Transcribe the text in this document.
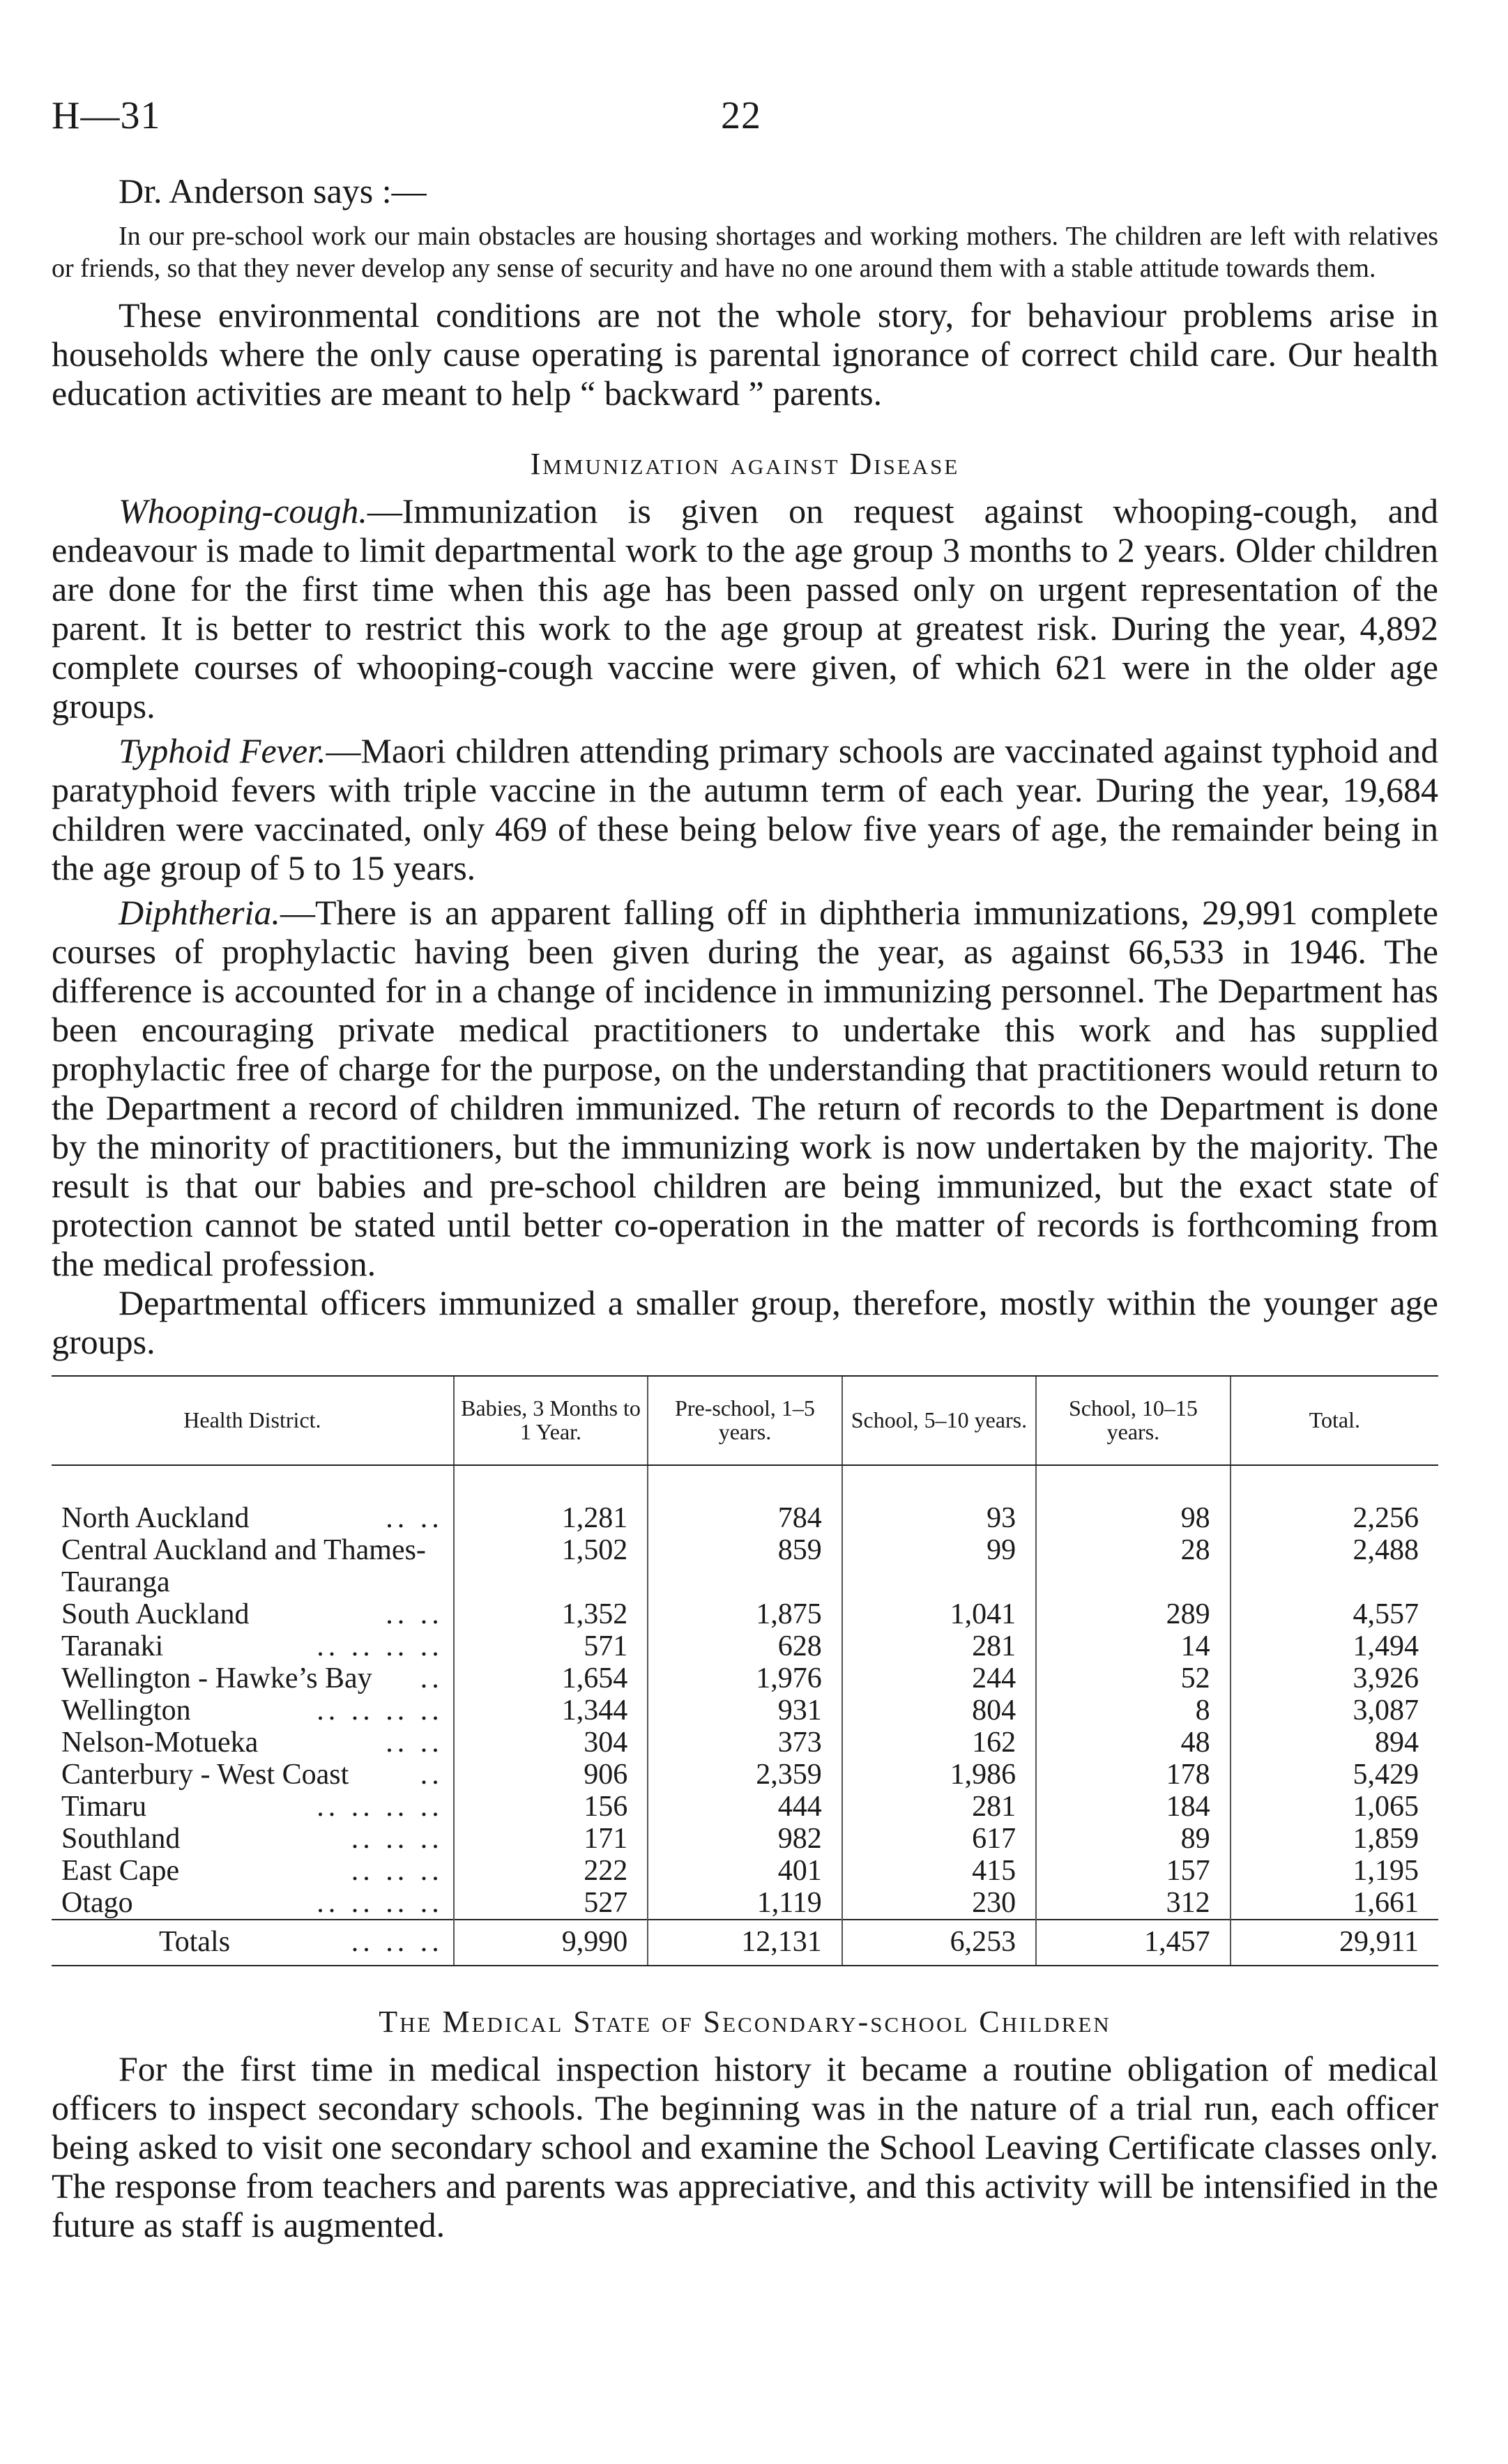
H—31	22

Dr. Anderson says :—

In our pre-school work our main obstacles are housing shortages and working mothers. The children are left with relatives or friends, so that they never develop any sense of security and have no one around them with a stable attitude towards them.

These environmental conditions are not the whole story, for behaviour problems arise in households where the only cause operating is parental ignorance of correct child care. Our health education activities are meant to help “ backward ” parents.

Immunization against Disease

Whooping-cough.—Immunization is given on request against whooping-cough, and endeavour is made to limit departmental work to the age group 3 months to 2 years. Older children are done for the first time when this age has been passed only on urgent representation of the parent. It is better to restrict this work to the age group at greatest risk. During the year, 4,892 complete courses of whooping-cough vaccine were given, of which 621 were in the older age groups.

Typhoid Fever.—Maori children attending primary schools are vaccinated against typhoid and paratyphoid fevers with triple vaccine in the autumn term of each year. During the year, 19,684 children were vaccinated, only 469 of these being below five years of age, the remainder being in the age group of 5 to 15 years.

Diphtheria.—There is an apparent falling off in diphtheria immunizations, 29,991 complete courses of prophylactic having been given during the year, as against 66,533 in 1946. The difference is accounted for in a change of incidence in immunizing personnel. The Department has been encouraging private medical practitioners to undertake this work and has supplied prophylactic free of charge for the purpose, on the understanding that practitioners would return to the Department a record of children immunized. The return of records to the Department is done by the minority of practitioners, but the immunizing work is now undertaken by the majority. The result is that our babies and pre-school children are being immunized, but the exact state of protection cannot be stated until better co-operation in the matter of records is forthcoming from the medical profession.

Departmental officers immunized a smaller group, therefore, mostly within the younger age groups.

Health District.	Babies, 3 Months to 1 Year.	Pre-school, 1–5 years.	School, 5–10 years.	School, 10–15 years.	Total.

North Auckland .. ..	1,281	784	93	98	2,256

Central Auckland and Thames-Tauranga	1,502	859	99	28	2,488

South Auckland .. ..	1,352	1,875	1,041	289	4,557

Taranaki .. .. .. ..	571	628	281	14	1,494

Wellington - Hawke’s Bay ..	1,654	1,976	244	52	3,926

Wellington .. .. .. ..	1,344	931	804	8	3,087

Nelson-Motueka .. ..	304	373	162	48	894

Canterbury - West Coast ..	906	2,359	1,986	178	5,429

Timaru .. .. .. ..	156	444	281	184	1,065

Southland .. .. ..	171	982	617	89	1,859

East Cape .. .. ..	222	401	415	157	1,195

Otago .. .. .. ..	527	1,119	230	312	1,661

Totals .. .. ..	9,990	12,131	6,253	1,457	29,911
The Medical State of Secondary-school Children

For the first time in medical inspection history it became a routine obligation of medical officers to inspect secondary schools. The beginning was in the nature of a trial run, each officer being asked to visit one secondary school and examine the School Leaving Certificate classes only. The response from teachers and parents was appreciative, and this activity will be intensified in the future as staff is augmented.
